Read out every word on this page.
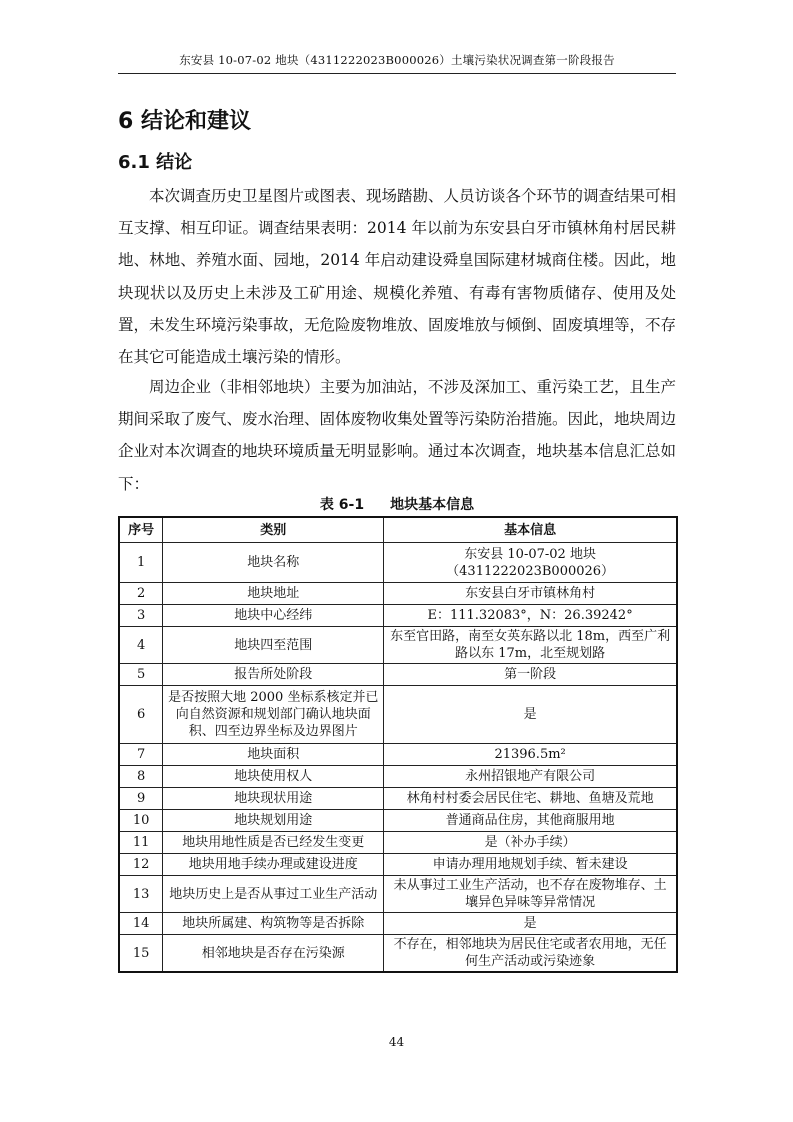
东安县 10-07-02 地块（4311222023B000026）土壤污染状况调查第一阶段报告
6 结论和建议
6.1 结论
本次调查历史卫星图片或图表、现场踏勘、人员访谈各个环节的调查结果可相互支撑、相互印证。调查结果表明：2014 年以前为东安县白牙市镇林角村居民耕地、林地、养殖水面、园地，2014 年启动建设舜皇国际建材城商住楼。因此，地块现状以及历史上未涉及工矿用途、规模化养殖、有毒有害物质储存、使用及处置，未发生环境污染事故，无危险废物堆放、固废堆放与倾倒、固废填埋等，不存在其它可能造成土壤污染的情形。
周边企业（非相邻地块）主要为加油站，不涉及深加工、重污染工艺，且生产期间采取了废气、废水治理、固体废物收集处置等污染防治措施。因此，地块周边企业对本次调查的地块环境质量无明显影响。通过本次调查，地块基本信息汇总如下：
表 6-1 地块基本信息
序号	类别	基本信息
1	地块名称	东安县 10-07-02 地块（4311222023B000026）
2	地块地址	东安县白牙市镇林角村
3	地块中心经纬	E：111.32083°，N：26.39242°
4	地块四至范围	东至官田路，南至女英东路以北 18m，西至广利路以东 17m，北至规划路
5	报告所处阶段	第一阶段
6	是否按照大地 2000 坐标系核定并已向自然资源和规划部门确认地块面积、四至边界坐标及边界图片	是
7	地块面积	21396.5m²
8	地块使用权人	永州招银地产有限公司
9	地块现状用途	林角村村委会居民住宅、耕地、鱼塘及荒地
10	地块规划用途	普通商品住房，其他商服用地
11	地块用地性质是否已经发生变更	是（补办手续）
12	地块用地手续办理或建设进度	申请办理用地规划手续、暂未建设
13	地块历史上是否从事过工业生产活动	未从事过工业生产活动，也不存在废物堆存、土壤异色异味等异常情况
14	地块所属建、构筑物等是否拆除	是
15	相邻地块是否存在污染源	不存在，相邻地块为居民住宅或者农用地，无任何生产活动或污染迹象
44
